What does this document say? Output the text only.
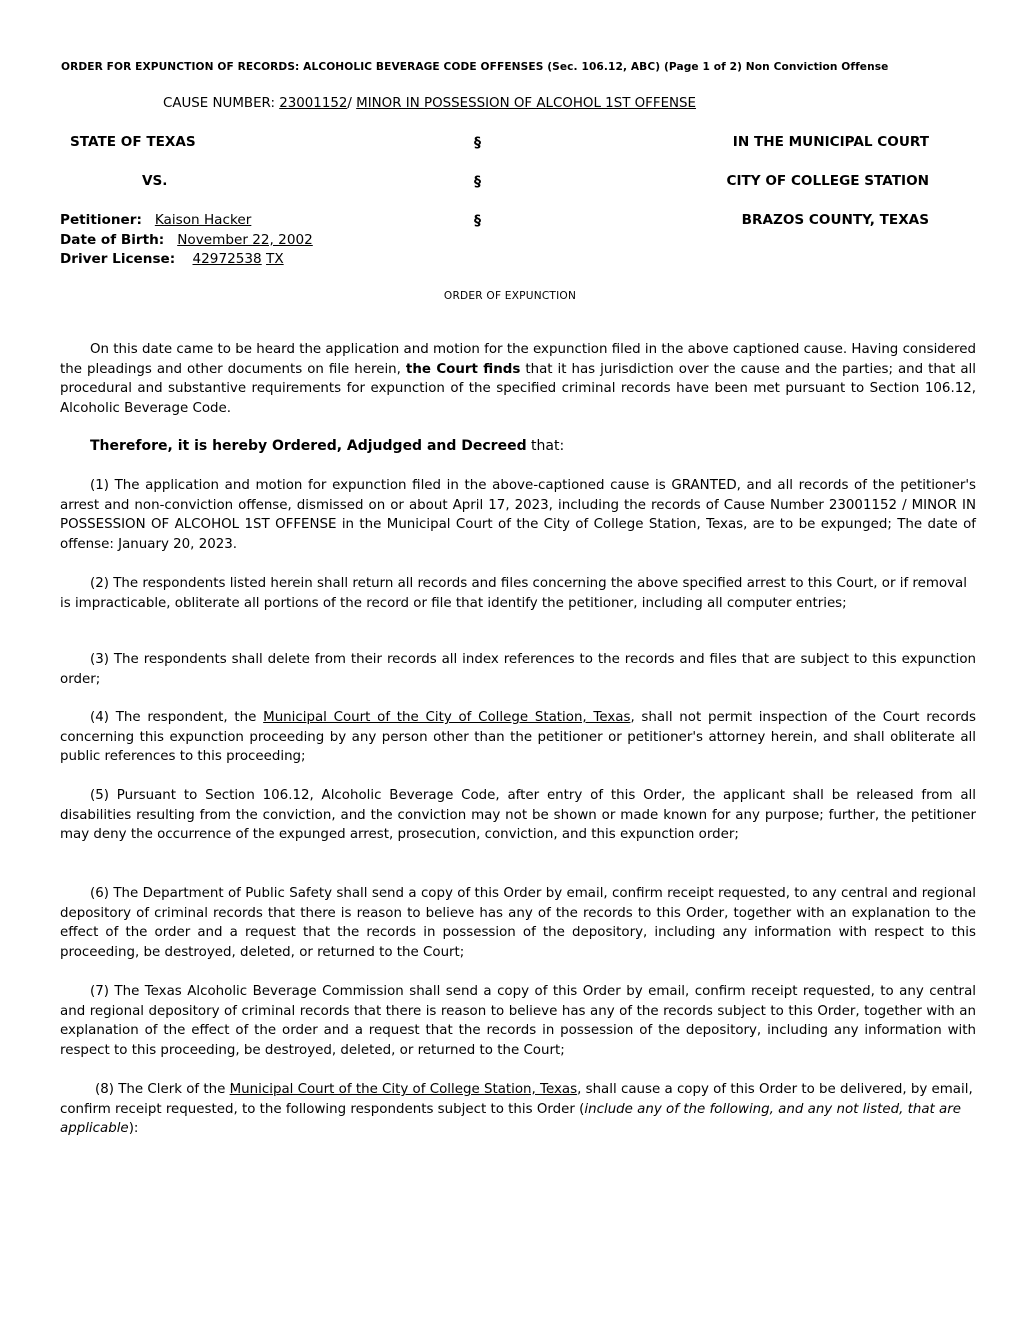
ORDER FOR EXPUNCTION OF RECORDS: ALCOHOLIC BEVERAGE CODE OFFENSES (Sec. 106.12, ABC) (Page 1 of 2) Non Conviction Offense
CAUSE NUMBER: 23001152/ MINOR IN POSSESSION OF ALCOHOL 1ST OFFENSE
STATE OF TEXAS
VS.
§
§
§
IN THE MUNICIPAL COURT
CITY OF COLLEGE STATION
BRAZOS COUNTY, TEXAS
Petitioner: Kaison Hacker
Date of Birth: November 22, 2002
Driver License: 42972538 TX
ORDER OF EXPUNCTION
On this date came to be heard the application and motion for the expunction filed in the above captioned cause. Having considered the pleadings and other documents on file herein, the Court finds that it has jurisdiction over the cause and the parties; and that all procedural and substantive requirements for expunction of the specified criminal records have been met pursuant to Section 106.12, Alcoholic Beverage Code.
Therefore, it is hereby Ordered, Adjudged and Decreed that:
(1) The application and motion for expunction filed in the above-captioned cause is GRANTED, and all records of the petitioner's arrest and non-conviction offense, dismissed on or about April 17, 2023, including the records of Cause Number 23001152 / MINOR IN POSSESSION OF ALCOHOL 1ST OFFENSE in the Municipal Court of the City of College Station, Texas, are to be expunged; The date of offense: January 20, 2023.
(2) The respondents listed herein shall return all records and files concerning the above specified arrest to this Court, or if removal is impracticable, obliterate all portions of the record or file that identify the petitioner, including all computer entries;
(3) The respondents shall delete from their records all index references to the records and files that are subject to this expunction order;
(4) The respondent, the Municipal Court of the City of College Station, Texas, shall not permit inspection of the Court records concerning this expunction proceeding by any person other than the petitioner or petitioner's attorney herein, and shall obliterate all public references to this proceeding;
(5) Pursuant to Section 106.12, Alcoholic Beverage Code, after entry of this Order, the applicant shall be released from all disabilities resulting from the conviction, and the conviction may not be shown or made known for any purpose; further, the petitioner may deny the occurrence of the expunged arrest, prosecution, conviction, and this expunction order;
(6) The Department of Public Safety shall send a copy of this Order by email, confirm receipt requested, to any central and regional depository of criminal records that there is reason to believe has any of the records to this Order, together with an explanation to the effect of the order and a request that the records in possession of the depository, including any information with respect to this proceeding, be destroyed, deleted, or returned to the Court;
(7) The Texas Alcoholic Beverage Commission shall send a copy of this Order by email, confirm receipt requested, to any central and regional depository of criminal records that there is reason to believe has any of the records subject to this Order, together with an explanation of the effect of the order and a request that the records in possession of the depository, including any information with respect to this proceeding, be destroyed, deleted, or returned to the Court;
(8) The Clerk of the Municipal Court of the City of College Station, Texas, shall cause a copy of this Order to be delivered, by email, confirm receipt requested, to the following respondents subject to this Order (include any of the following, and any not listed, that are applicable):
